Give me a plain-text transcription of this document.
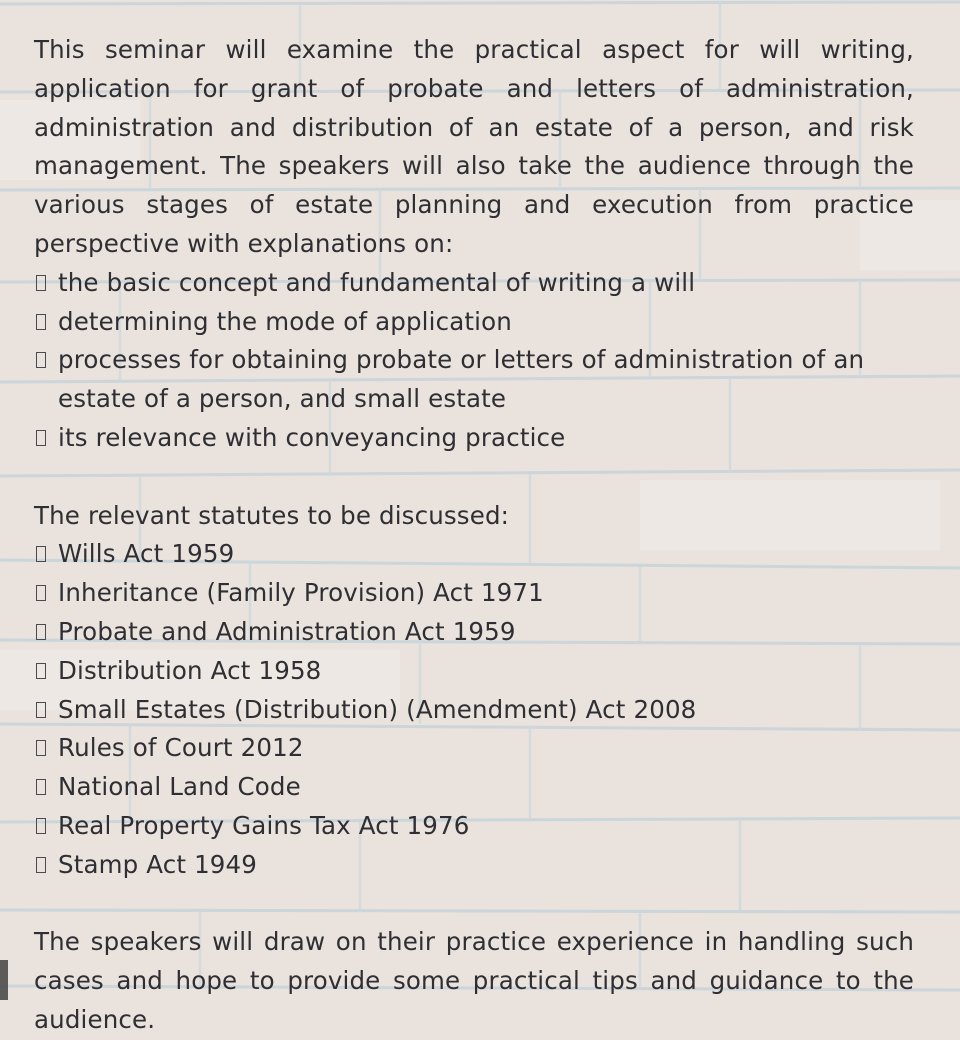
This seminar will examine the practical aspect for will writing, application for grant of probate and letters of administration, administration and distribution of an estate of a person, and risk management. The speakers will also take the audience through the various stages of estate planning and execution from practice perspective with explanations on:

the basic concept and fundamental of writing a will
determining the mode of application
processes for obtaining probate or letters of administration of an
estate of a person, and small estate
its relevance with conveyancing practice

The relevant statutes to be discussed:

Wills Act 1959
Inheritance (Family Provision) Act 1971
Probate and Administration Act 1959
Distribution Act 1958
Small Estates (Distribution) (Amendment) Act 2008
Rules of Court 2012
National Land Code
Real Property Gains Tax Act 1976
Stamp Act 1949

The speakers will draw on their practice experience in handling such cases and hope to provide some practical tips and guidance to the audience.
